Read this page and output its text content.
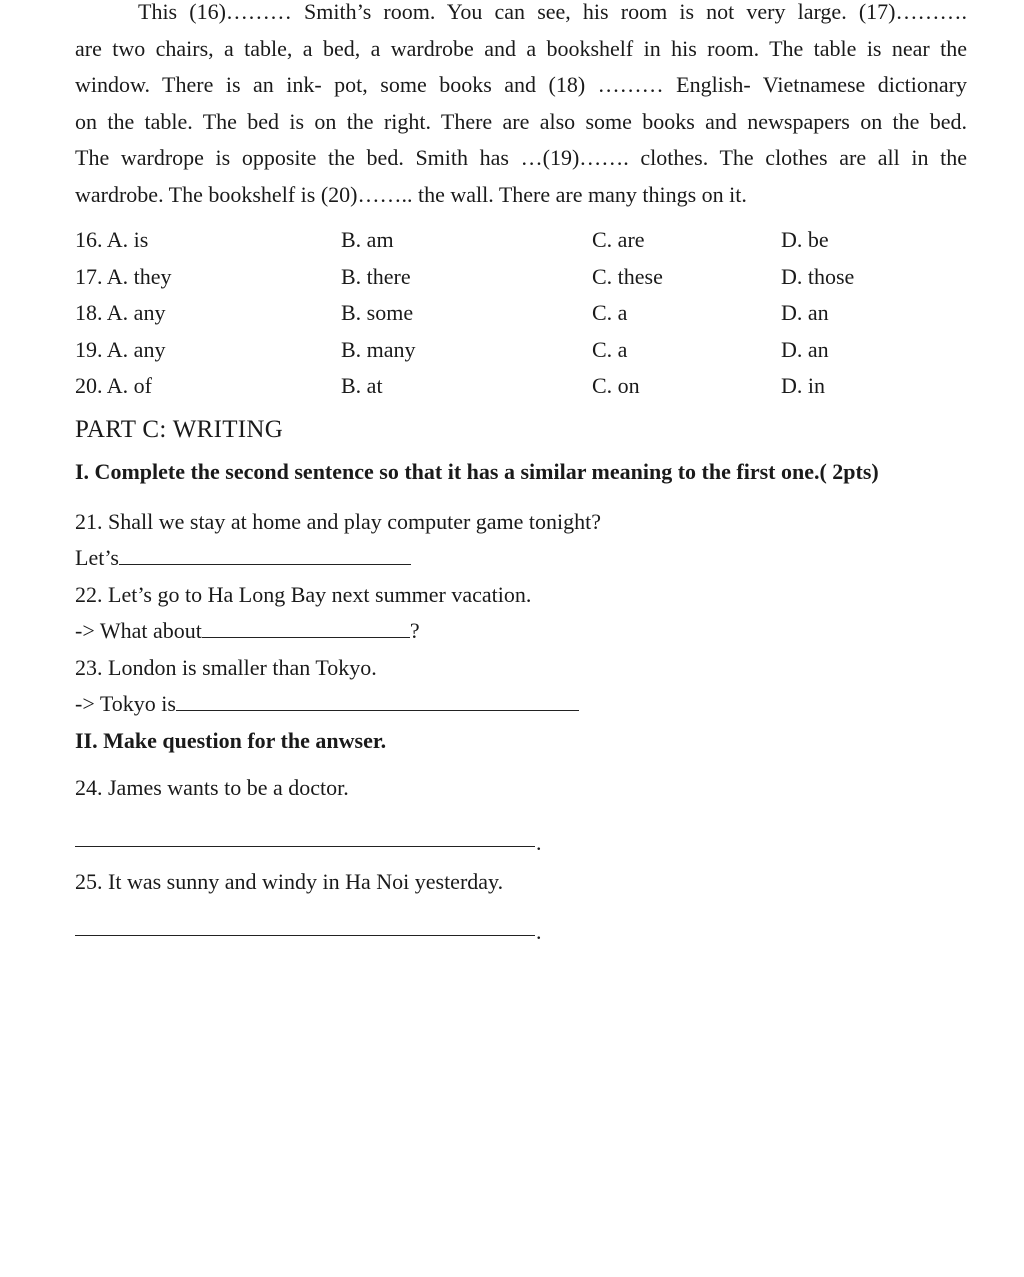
This (16)……… Smith’s room. You can see, his room is not very large. (17)……….
are two chairs, a table, a bed, a wardrobe and a bookshelf in his room. The table is near the
window. There is an ink- pot, some books and (18) ……… English- Vietnamese dictionary
on the table. The bed is on the right. There are also some books and newspapers on the bed.
The wardrope is opposite the bed. Smith has …(19)……. clothes. The clothes are all in the
wardrobe. The bookshelf is (20)…….. the wall. There are many things on it.
16. A. is	B. am	C. are	D. be
17. A. they	B. there	C. these	D. those
18. A. any	B. some	C. a	D. an
19. A. any	B. many	C. a	D. an
20. A. of	B. at	C. on	D. in
PART C: WRITING
I. Complete the second sentence so that it has a similar meaning to the first one.( 2pts)
21. Shall we stay at home and play computer game tonight?
Let’s
22. Let’s go to Ha Long Bay next summer vacation.
-> What about	?
23. London is smaller than Tokyo.
-> Tokyo is
II. Make question for the anwser.
24. James wants to be a doctor.
.
25. It was sunny and windy in Ha Noi yesterday.
.
